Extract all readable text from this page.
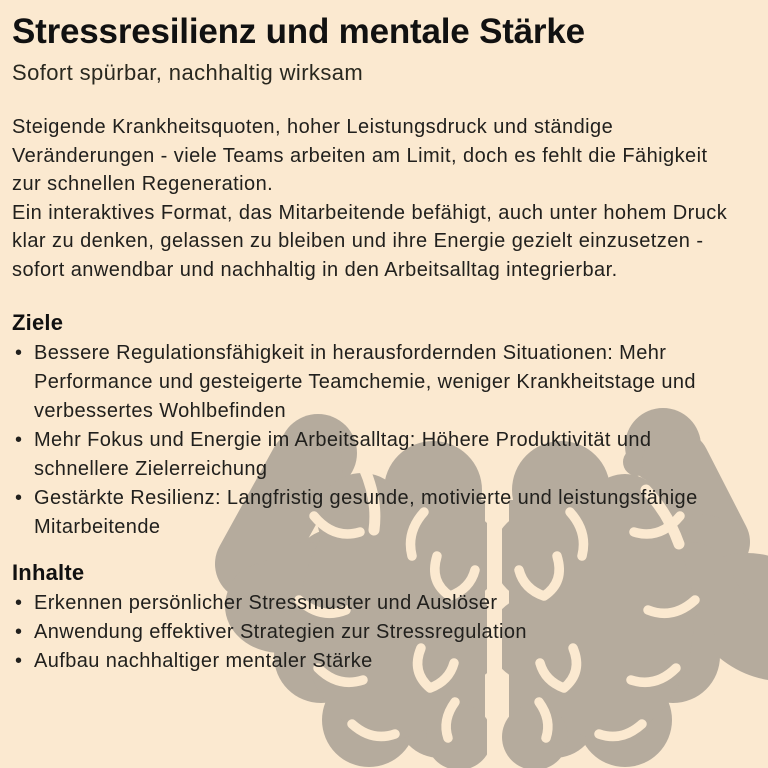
Stressresilienz und mentale Stärke
Sofort spürbar, nachhaltig wirksam

Steigende Krankheitsquoten, hoher Leistungsdruck und ständige Veränderungen - viele Teams arbeiten am Limit, doch es fehlt die Fähigkeit zur schnellen Regeneration.

Ein interaktives Format, das Mitarbeitende befähigt, auch unter hohem Druck klar zu denken, gelassen zu bleiben und ihre Energie gezielt einzusetzen - sofort anwendbar und nachhaltig in den Arbeitsalltag integrierbar.

Ziele
• Bessere Regulationsfähigkeit in herausfordernden Situationen: Mehr Performance und gesteigerte Teamchemie, weniger Krankheitstage und verbessertes Wohlbefinden
• Mehr Fokus und Energie im Arbeitsalltag: Höhere Produktivität und schnellere Zielerreichung
• Gestärkte Resilienz: Langfristig gesunde, motivierte und leistungsfähige Mitarbeitende
Inhalte
• Erkennen persönlicher Stressmuster und Auslöser
• Anwendung effektiver Strategien zur Stressregulation
• Aufbau nachhaltiger mentaler Stärke
